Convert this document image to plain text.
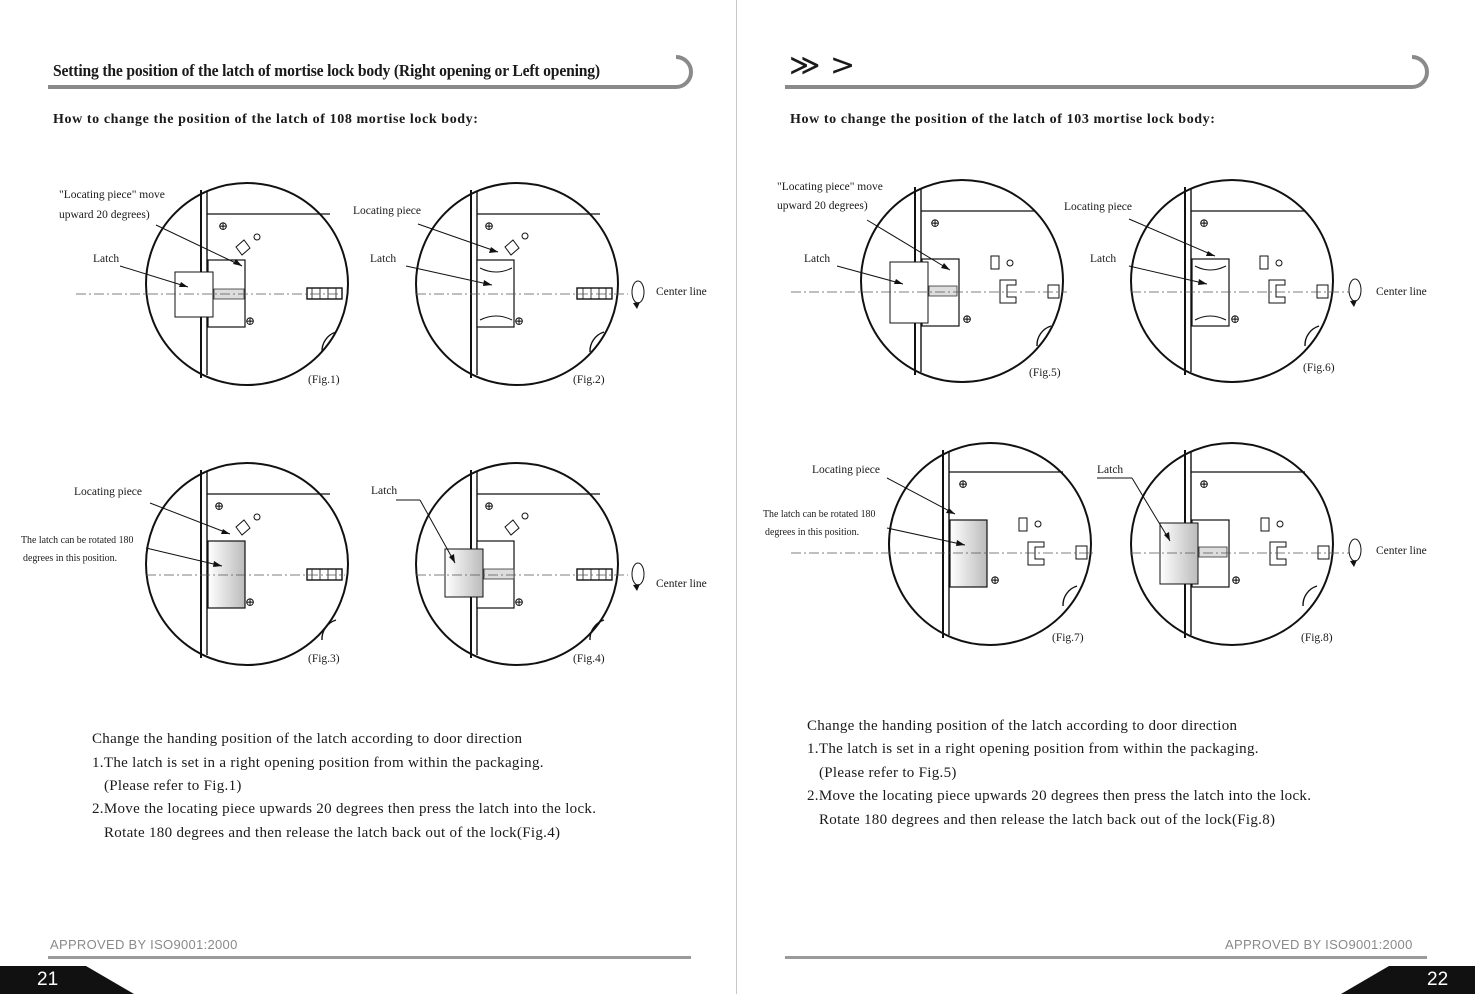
⊕
⊕
⊕
⊕
⊕
⊕
⊕
⊕
Setting the position of the latch of mortise lock body (Right opening or Left opening)
How to change the position of the latch of 108 mortise lock body:
"Locating piece" move
upward 20 degrees)
Latch
Locating piece
Latch
Center line
(Fig.1)	(Fig.2)
Locating piece
The latch can be rotated 180
degrees in this position.
Latch
Center line
(Fig.3)	(Fig.4)
Change the handing position of the latch according to door direction
1.The latch is set in a right opening position from within the packaging.
(Please refer to Fig.1)
2.Move the locating piece upwards 20 degrees then press the latch into the lock.
Rotate 180 degrees and then release the latch back out of the lock(Fig.4)
APPROVED BY ISO9001:2000
21
⊕
⊕
⊕
⊕
⊕
⊕
⊕
⊕
≫ >
How to change the position of the latch of 103 mortise lock body:
"Locating piece" move
upward 20 degrees)
Latch
Locating piece
Latch
Center line
(Fig.5)	(Fig.6)
Locating piece
The latch can be rotated 180
degrees in this position.
Latch
Center line
(Fig.7)	(Fig.8)
Change the handing position of the latch according to door direction
1.The latch is set in a right opening position from within the packaging.
(Please refer to Fig.5)
2.Move the locating piece upwards 20 degrees then press the latch into the lock.
Rotate 180 degrees and then release the latch back out of the lock(Fig.8)
APPROVED BY ISO9001:2000
22
